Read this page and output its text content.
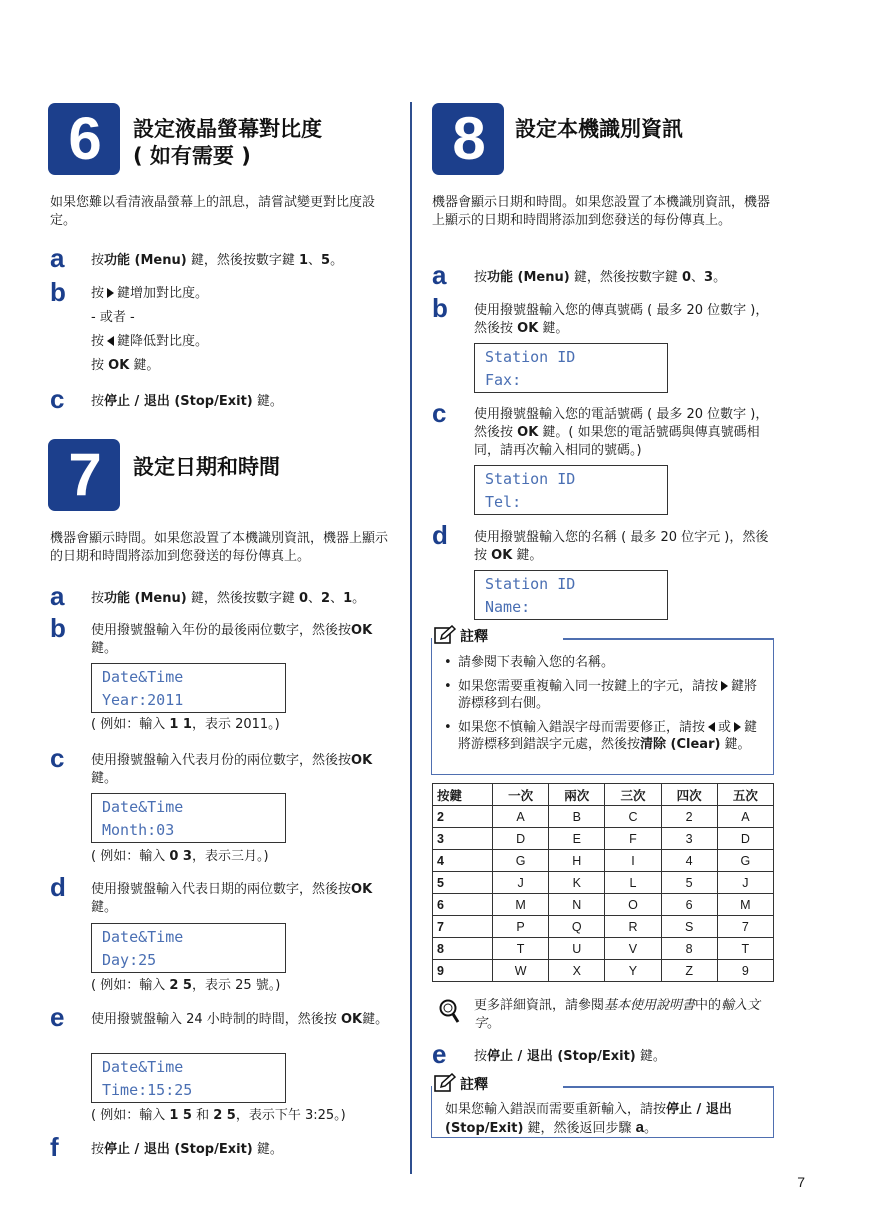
6	設定液晶螢幕對比度
( 如有需要 )
如果您難以看清液晶螢幕上的訊息，請嘗試變更對比度設定。
a 按功能 (Menu) 鍵，然後按數字鍵 1、5。
b 按 鍵增加對比度。
- 或者 -
按 鍵降低對比度。
按 OK 鍵。
c 按停止 / 退出 (Stop/Exit) 鍵。
7	設定日期和時間
機器會顯示時間。如果您設置了本機識別資訊，機器上顯示的日期和時間將添加到您發送的每份傳真上。
a 按功能 (Menu) 鍵，然後按數字鍵 0、2、1。
b 使用撥號盤輸入年份的最後兩位數字，然後按OK 鍵。
Date&Time
Year:2011
( 例如：輸入 1 1，表示 2011。)
c 使用撥號盤輸入代表月份的兩位數字，然後按OK 鍵。
Date&Time
Month:03
( 例如：輸入 0 3，表示三月。)
d 使用撥號盤輸入代表日期的兩位數字，然後按OK 鍵。
Date&Time
Day:25
( 例如：輸入 2 5，表示 25 號。)
e 使用撥號盤輸入 24 小時制的時間，然後按 OK鍵。
Date&Time
Time:15:25
( 例如：輸入 1 5 和 2 5，表示下午 3:25。)
f 按停止 / 退出 (Stop/Exit) 鍵。
8	設定本機識別資訊
機器會顯示日期和時間。如果您設置了本機識別資訊，機器上顯示的日期和時間將添加到您發送的每份傳真上。
a 按功能 (Menu) 鍵，然後按數字鍵 0、3。
b 使用撥號盤輸入您的傳真號碼 ( 最多 20 位數字 )，然後按 OK 鍵。
Station ID
Fax:
c 使用撥號盤輸入您的電話號碼 ( 最多 20 位數字 )，然後按 OK 鍵。( 如果您的電話號碼與傳真號碼相同，請再次輸入相同的號碼。)
Station ID
Tel:
d 使用撥號盤輸入您的名稱 ( 最多 20 位字元 )，然後按 OK 鍵。
Station ID
Name:
註釋
• 請參閱下表輸入您的名稱。
• 如果您需要重複輸入同一按鍵上的字元，請按 鍵將游標移到右側。
• 如果您不慎輸入錯誤字母而需要修正，請按 或 鍵將游標移到錯誤字元處，然後按清除 (Clear) 鍵。
按鍵	一次	兩次	三次	四次	五次
2	A	B	C	2	A
3	D	E	F	3	D
4	G	H	I	4	G
5	J	K	L	5	J
6	M	N	O	6	M
7	P	Q	R	S	7
8	T	U	V	8	T
9	W	X	Y	Z	9
更多詳細資訊，請參閱基本使用說明書中的輸入文字。
e 按停止 / 退出 (Stop/Exit) 鍵。
註釋
如果您輸入錯誤而需要重新輸入，請按停止 / 退出 (Stop/Exit) 鍵，然後返回步驟 a。
7
